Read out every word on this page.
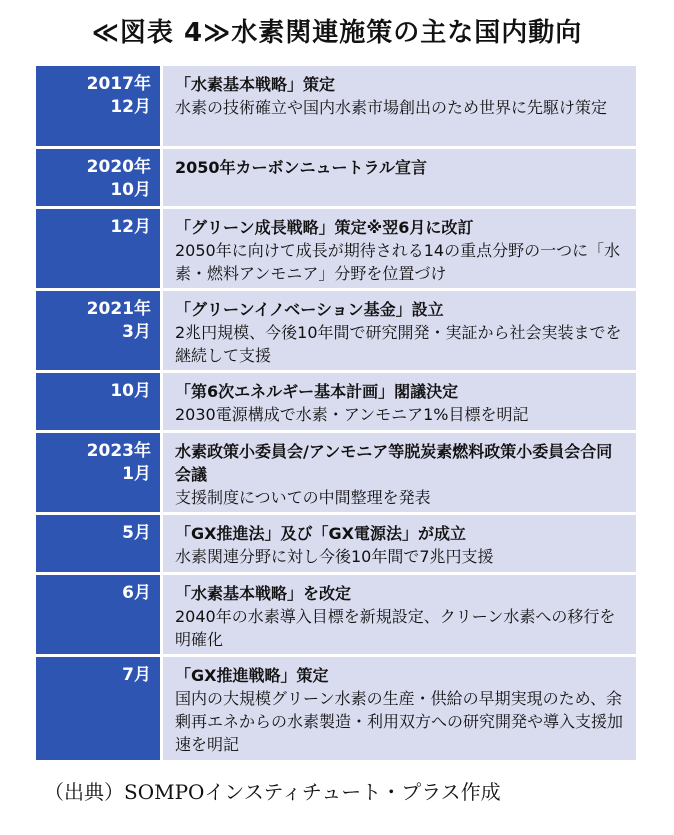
≪図表 4≫水素関連施策の主な国内動向
2017年
12月
「水素基本戦略」策定
水素の技術確立や国内水素市場創出のため世界に先駆け策定
2020年
10月
2050年カーボンニュートラル宣言
12月 「グリーン成長戦略」策定※翌6月に改訂
2050年に向けて成長が期待される14の重点分野の一つに「水素・燃料アンモニア」分野を位置づけ
2021年
3月
「グリーンイノベーション基金」設立
2兆円規模、今後10年間で研究開発・実証から社会実装までを継続して支援
10月 「第6次エネルギー基本計画」閣議決定
2030電源構成で水素・アンモニア1%目標を明記
2023年
1月
水素政策小委員会/アンモニア等脱炭素燃料政策小委員会合同会議
支援制度についての中間整理を発表
5月 「GX推進法」及び「GX電源法」が成立
水素関連分野に対し今後10年間で7兆円支援
6月 「水素基本戦略」を改定
2040年の水素導入目標を新規設定、クリーン水素への移行を明確化
7月 「GX推進戦略」策定
国内の大規模グリーン水素の生産・供給の早期実現のため、余剰再エネからの水素製造・利用双方への研究開発や導入支援加速を明記
（出典）SOMPOインスティチュート・プラス作成
